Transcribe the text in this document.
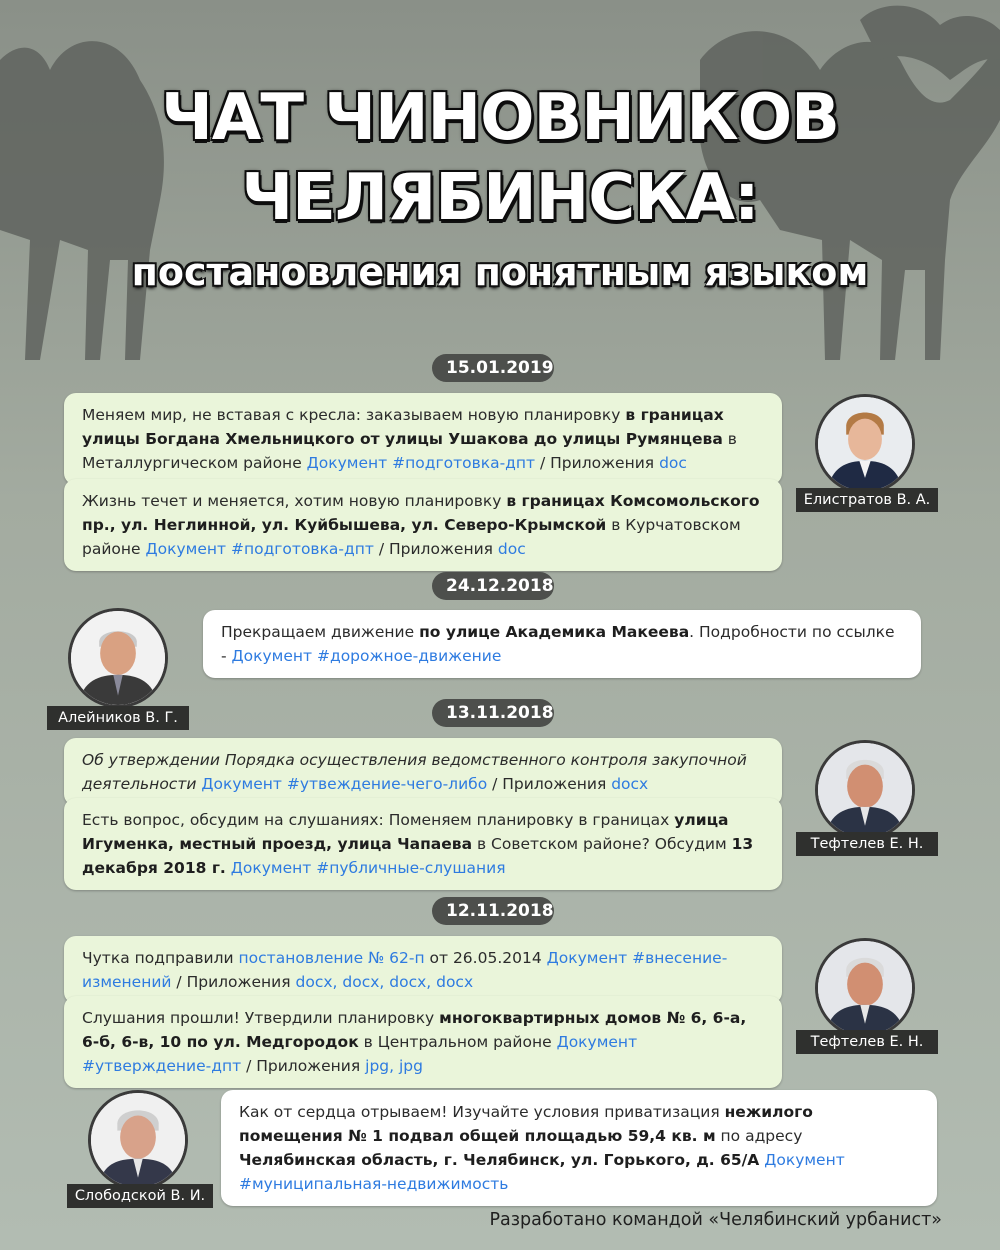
ЧАТ ЧИНОВНИКОВ
ЧЕЛЯБИНСКА:
постановления понятным языком
15.01.2019
Меняем мир, не вставая с кресла: заказываем новую планировку в границах улицы Богдана Хмельницкого от улицы Ушакова до улицы Румянцева в Металлургическом районе Документ #подготовка-дпт / Приложения doc
Жизнь течет и меняется, хотим новую планировку в границах Комсомольского пр., ул. Неглинной, ул. Куйбышева, ул. Северо-Крымской в Курчатовском районе Документ #подготовка-дпт / Приложения doc
Елистратов В. А.
24.12.2018
Прекращаем движение по улице Академика Макеева. Подробности по ссылке - Документ #дорожное-движение
Алейников В. Г.	13.11.2018
Об утверждении Порядка осуществления ведомственного контроля закупочной деятельности Документ #утвеждение-чего-либо / Приложения docx
Есть вопрос, обсудим на слушаниях: Поменяем планировку в границах улица Игуменка, местный проезд, улица Чапаева в Советском районе? Обсудим 13 декабря 2018 г. Документ #публичные-слушания
Тефтелев Е. Н.
12.11.2018
Чутка подправили постановление № 62-п от 26.05.2014 Документ #внесение-изменений / Приложения docx, docx, docx, docx
Слушания прошли! Утвердили планировку многоквартирных домов № 6, 6-а, 6-б, 6-в, 10 по ул. Медгородок в Центральном районе Документ #утверждение-дпт / Приложения jpg, jpg
Тефтелев Е. Н.
Как от сердца отрываем! Изучайте условия приватизация нежилого помещения № 1 подвал общей площадью 59,4 кв. м по адресу Челябинская область, г. Челябинск, ул. Горького, д. 65/А Документ #муниципальная-недвижимость
Слободской В. И.
Разработано командой «Челябинский урбанист»
